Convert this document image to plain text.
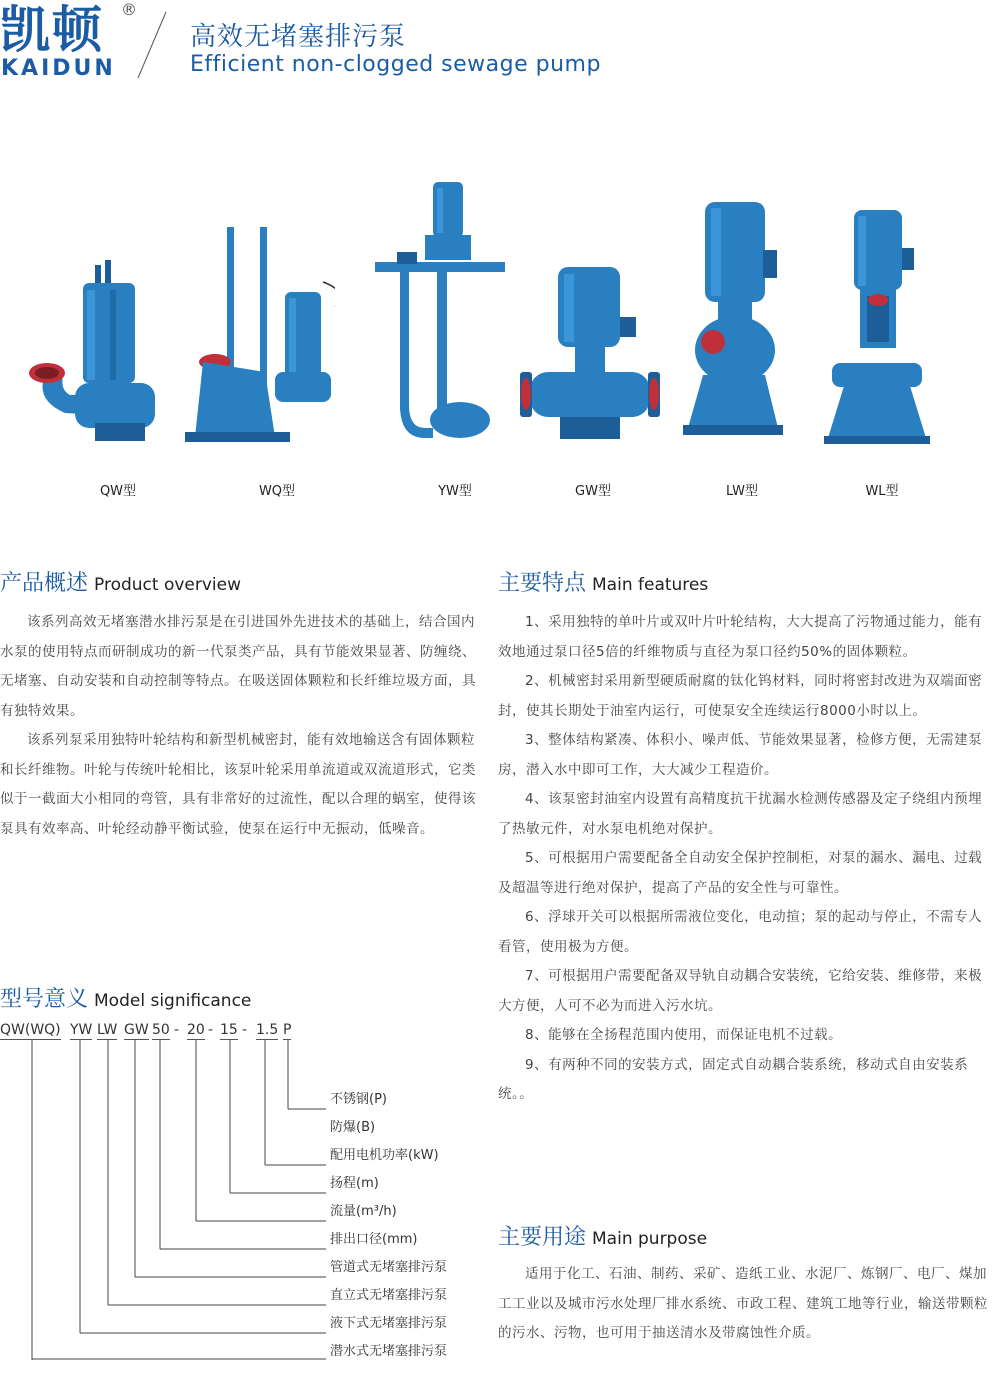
凯顿 ®
KAIDUN
高效无堵塞排污泵
Efficient non-clogged sewage pump
QW型	WQ型	YW型	GW型	LW型	WL型
产品概述 Product overview

该系列高效无堵塞潜水排污泵是在引进国外先进技术的基础上，结合国内水泵的使用特点而研制成功的新一代泵类产品，具有节能效果显著、防缠绕、无堵塞、自动安装和自动控制等特点。在吸送固体颗粒和长纤维垃圾方面，具有独特效果。

该系列泵采用独特叶轮结构和新型机械密封，能有效地输送含有固体颗粒和长纤维物。叶轮与传统叶轮相比，该泵叶轮采用单流道或双流道形式，它类似于一截面大小相同的弯管，具有非常好的过流性，配以合理的蜗室，使得该泵具有效率高、叶轮经动静平衡试验，使泵在运行中无振动，低噪音。

主要特点 Main features

1、采用独特的单叶片或双叶片叶轮结构，大大提高了污物通过能力，能有效地通过泵口径5倍的纤维物质与直径为泵口径约50%的固体颗粒。

2、机械密封采用新型硬质耐腐的钛化钨材料，同时将密封改进为双端面密封，使其长期处于油室内运行，可使泵安全连续运行8000小时以上。

3、整体结构紧凑、体积小、噪声低、节能效果显著，检修方便，无需建泵房，潜入水中即可工作，大大减少工程造价。

4、该泵密封油室内设置有高精度抗干扰漏水检测传感器及定子绕组内预埋了热敏元件，对水泵电机绝对保护。

5、可根据用户需要配备全自动安全保护控制柜，对泵的漏水、漏电、过载及超温等进行绝对保护，提高了产品的安全性与可靠性。

6、浮球开关可以根据所需液位变化，电动揎；泵的起动与停止，不需专人看管，使用极为方便。

7、可根据用户需要配备双导轨自动耦合安装统，它给安装、维修带，来极大方便，人可不必为而进入污水坑。

8、能够在全扬程范围内使用，而保证电机不过载。

9、有两种不同的安装方式，固定式自动耦合装系统，移动式自由安装系统。。

型号意义 Model significance
QW(WQ) YW LW GW 50 - 20 - 15 - 1.5 P
不锈钢(P)
防爆(B)
配用电机功率(kW)
扬程(m)
流量(m³/h)
排出口径(mm)
管道式无堵塞排污泵
直立式无堵塞排污泵
液下式无堵塞排污泵
潜水式无堵塞排污泵
主要用途 Main purpose

适用于化工、石油、制药、采矿、造纸工业、水泥厂、炼钢厂、电厂、煤加工工业以及城市污水处理厂排水系统、市政工程、建筑工地等行业，输送带颗粒的污水、污物，也可用于抽送清水及带腐蚀性介质。
